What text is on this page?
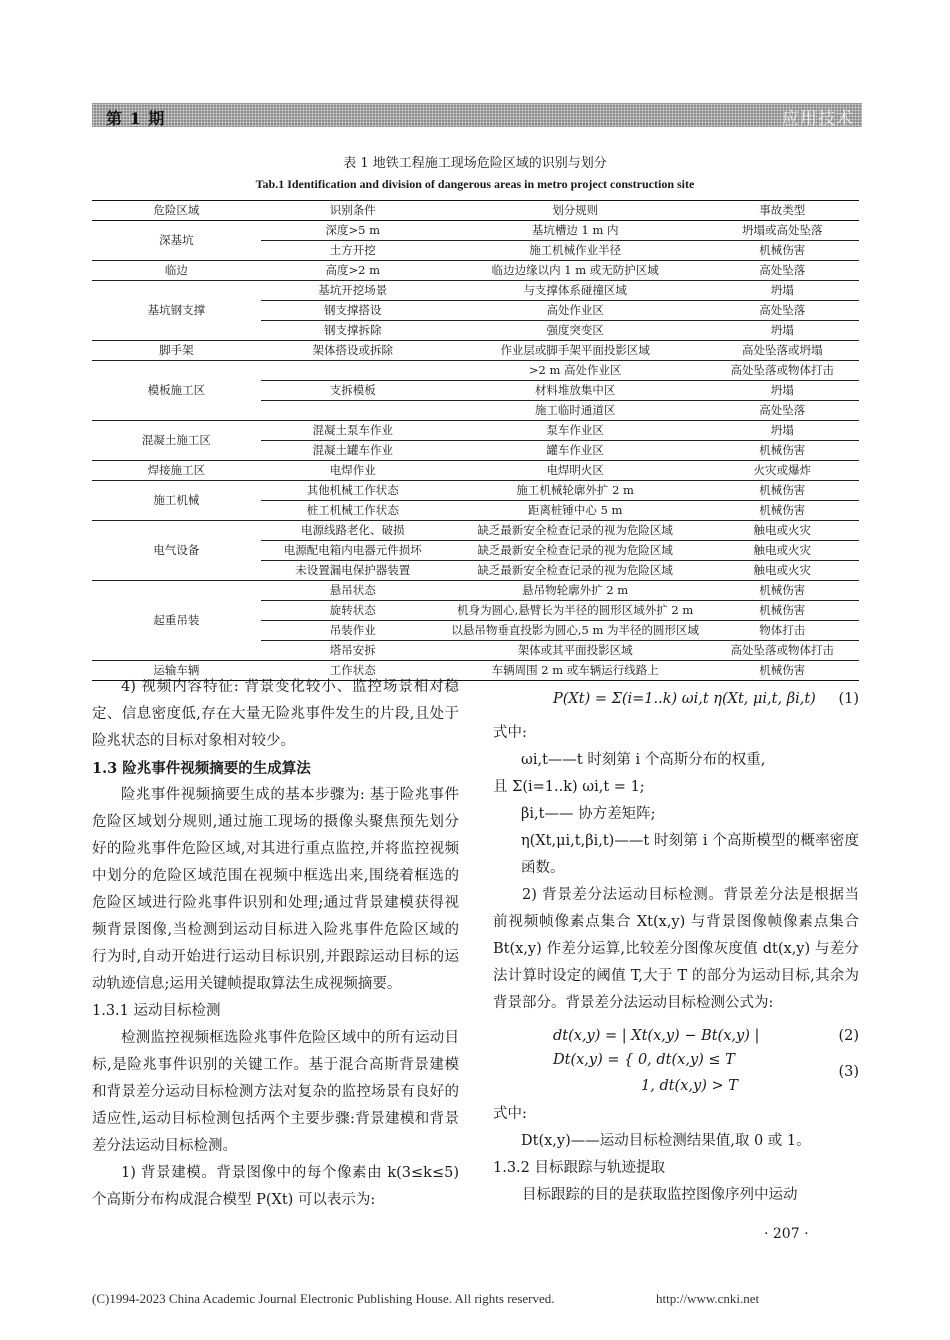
第 1 期	应用技术
表 1 地铁工程施工现场危险区域的识别与划分
Tab.1 Identification and division of dangerous areas in metro project construction site
危险区域	识别条件	划分规则	事故类型
深基坑	深度>5 m	基坑槽边 1 m 内	坍塌或高处坠落
	土方开挖	施工机械作业半径	机械伤害
临边	高度>2 m	临边边缘以内 1 m 或无防护区域	高处坠落
基坑钢支撑	基坑开挖场景	与支撑体系碰撞区域	坍塌
	钢支撑搭设	高处作业区	高处坠落
	钢支撑拆除	强度突变区	坍塌
脚手架	架体搭设或拆除	作业层或脚手架平面投影区域	高处坠落或坍塌
模板施工区		>2 m 高处作业区	高处坠落或物体打击
	支拆模板	材料堆放集中区	坍塌
		施工临时通道区	高处坠落
混凝土施工区	混凝土泵车作业	泵车作业区	坍塌
	混凝土罐车作业	罐车作业区	机械伤害
焊接施工区	电焊作业	电焊明火区	火灾或爆炸
施工机械	其他机械工作状态	施工机械轮廓外扩 2 m	机械伤害
	桩工机械工作状态	距离桩锤中心 5 m	机械伤害
电气设备	电源线路老化、破损	缺乏最新安全检查记录的视为危险区域	触电或火灾
	电源配电箱内电器元件损坏	缺乏最新安全检查记录的视为危险区域	触电或火灾
	未设置漏电保护器装置	缺乏最新安全检查记录的视为危险区域	触电或火灾
起重吊装	悬吊状态	悬吊物轮廓外扩 2 m	机械伤害
	旋转状态	机身为圆心,悬臂长为半径的圆形区域外扩 2 m	机械伤害
	吊装作业	以悬吊物垂直投影为圆心,5 m 为半径的圆形区域	物体打击
	塔吊安拆	架体或其平面投影区域	高处坠落或物体打击
运输车辆	工作状态	车辆周围 2 m 或车辆运行线路上	机械伤害

4) 视频内容特征: 背景变化较小、监控场景相对稳定、信息密度低,存在大量无险兆事件发生的片段,且处于险兆状态的目标对象相对较少。

1.3 险兆事件视频摘要的生成算法

险兆事件视频摘要生成的基本步骤为: 基于险兆事件危险区域划分规则,通过施工现场的摄像头聚焦预先划分好的险兆事件危险区域,对其进行重点监控,并将监控视频中划分的危险区域范围在视频中框选出来,围绕着框选的危险区域进行险兆事件识别和处理;通过背景建模获得视频背景图像,当检测到运动目标进入险兆事件危险区域的行为时,自动开始进行运动目标识别,并跟踪运动目标的运动轨迹信息;运用关键帧提取算法生成视频摘要。

1.3.1 运动目标检测

检测监控视频框选险兆事件危险区域中的所有运动目标,是险兆事件识别的关键工作。基于混合高斯背景建模和背景差分运动目标检测方法对复杂的监控场景有良好的适应性,运动目标检测包括两个主要步骤:背景建模和背景差分法运动目标检测。

1) 背景建模。背景图像中的每个像素由 k(3≤k≤5) 个高斯分布构成混合模型 P(Xt) 可以表示为:

P(Xt) = Σ(i=1..k) ωi,t η(Xt, μi,t, βi,t) (1)

式中:

ωi,t——t 时刻第 i 个高斯分布的权重,

且 Σ(i=1..k) ωi,t = 1;

βi,t—— 协方差矩阵;

η(Xt,μi,t,βi,t)——t 时刻第 i 个高斯模型的概率密度函数。

2) 背景差分法运动目标检测。背景差分法是根据当前视频帧像素点集合 Xt(x,y) 与背景图像帧像素点集合 Bt(x,y) 作差分运算,比较差分图像灰度值 dt(x,y) 与差分法计算时设定的阈值 T,大于 T 的部分为运动目标,其余为背景部分。背景差分法运动目标检测公式为:

dt(x,y) = | Xt(x,y) − Bt(x,y) |	(2)
Dt(x,y) = { 0, dt(x,y) ≤ T
1, dt(x,y) > T
(3)

式中:

Dt(x,y)——运动目标检测结果值,取 0 或 1。

1.3.2 目标跟踪与轨迹提取

目标跟踪的目的是获取监控图像序列中运动

· 207 ·
(C)1994-2023 China Academic Journal Electronic Publishing House. All rights reserved.	http://www.cnki.net
